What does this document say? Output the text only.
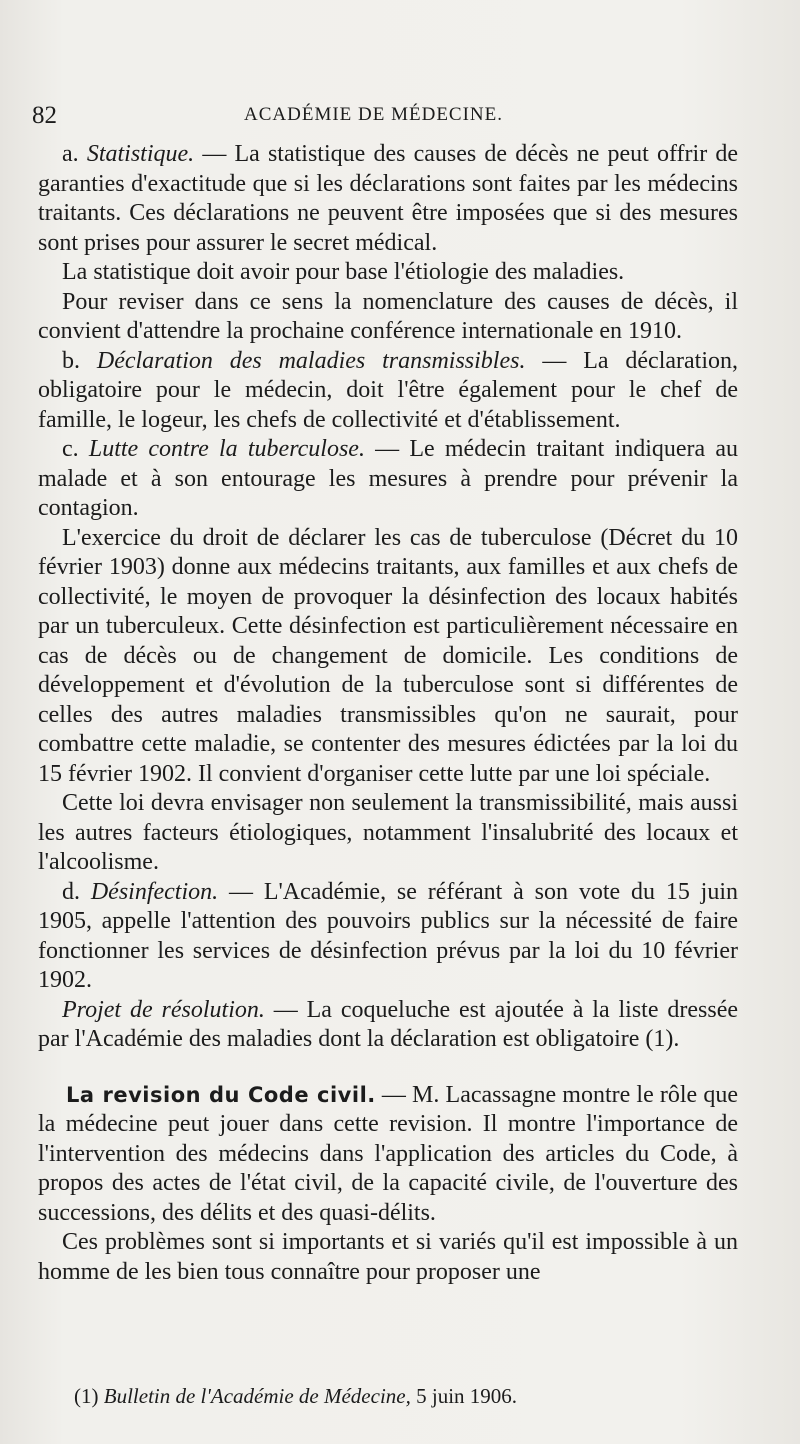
82	ACADÉMIE DE MÉDECINE.

a. Statistique. — La statistique des causes de décès ne peut offrir de garanties d'exactitude que si les déclarations sont faites par les médecins traitants. Ces déclarations ne peuvent être imposées que si des mesures sont prises pour assurer le secret médical.

La statistique doit avoir pour base l'étiologie des maladies.

Pour reviser dans ce sens la nomenclature des causes de décès, il convient d'attendre la prochaine conférence internationale en 1910.

b. Déclaration des maladies transmissibles. — La déclaration, obligatoire pour le médecin, doit l'être également pour le chef de famille, le logeur, les chefs de collectivité et d'établissement.

c. Lutte contre la tuberculose. — Le médecin traitant indiquera au malade et à son entourage les mesures à prendre pour prévenir la contagion.

L'exercice du droit de déclarer les cas de tuberculose (Décret du 10 février 1903) donne aux médecins traitants, aux familles et aux chefs de collectivité, le moyen de provoquer la désinfection des locaux habités par un tuberculeux. Cette désinfection est particulièrement nécessaire en cas de décès ou de changement de domicile. Les conditions de développement et d'évolution de la tuberculose sont si différentes de celles des autres maladies transmissibles qu'on ne saurait, pour combattre cette maladie, se contenter des mesures édictées par la loi du 15 février 1902. Il convient d'organiser cette lutte par une loi spéciale.

Cette loi devra envisager non seulement la transmissibilité, mais aussi les autres facteurs étiologiques, notamment l'insalubrité des locaux et l'alcoolisme.

d. Désinfection. — L'Académie, se référant à son vote du 15 juin 1905, appelle l'attention des pouvoirs publics sur la nécessité de faire fonctionner les services de désinfection prévus par la loi du 10 février 1902.

Projet de résolution. — La coqueluche est ajoutée à la liste dressée par l'Académie des maladies dont la déclaration est obligatoire (1).

La revision du Code civil. — M. Lacassagne montre le rôle que la médecine peut jouer dans cette revision. Il montre l'importance de l'intervention des médecins dans l'application des articles du Code, à propos des actes de l'état civil, de la capacité civile, de l'ouverture des successions, des délits et des quasi-délits.

Ces problèmes sont si importants et si variés qu'il est impossible à un homme de les bien tous connaître pour proposer une

(1) Bulletin de l'Académie de Médecine, 5 juin 1906.
